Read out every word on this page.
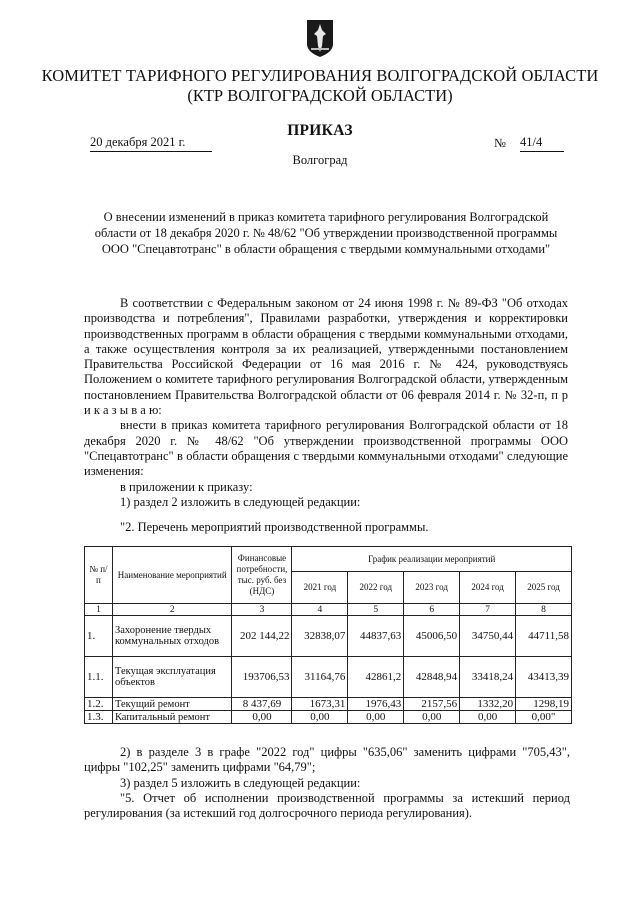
КОМИТЕТ ТАРИФНОГО РЕГУЛИРОВАНИЯ ВОЛГОГРАДСКОЙ ОБЛАСТИ
(КТР ВОЛГОГРАДСКОЙ ОБЛАСТИ)
ПРИКАЗ
20 декабря 2021 г.	№ 41/4
Волгоград
О внесении изменений в приказ комитета тарифного регулирования Волгоградской
области от 18 декабря 2020 г. № 48/62 "Об утверждении производственной программы
ООО "Спецавтотранс" в области обращения с твердыми коммунальными отходами"

В соответствии с Федеральным законом от 24 июня 1998 г. № 89-ФЗ "Об отходах производства и потребления", Правилами разработки, утверждения и корректировки производственных программ в области обращения с твердыми коммунальными отходами, а также осуществления контроля за их реализацией, утвержденными постановлением Правительства Российской Федерации от 16 мая 2016 г. № 424, руководствуясь Положением о комитете тарифного регулирования Волгоградской области, утвержденным постановлением Правительства Волгоградской области от 06 февраля 2014 г. № 32-п, п р и к а з ы в а ю:

внести в приказ комитета тарифного регулирования Волгоградской области от 18 декабря 2020 г. № 48/62 "Об утверждении производственной программы ООО "Спецавтотранс" в области обращения с твердыми коммунальными отходами" следующие изменения:

в приложении к приказу:

1) раздел 2 изложить в следующей редакции:

"2. Перечень мероприятий производственной программы.
№ п/п	Наименование мероприятий	Финансовые потребности, тыс. руб. без (НДС)	График реализации мероприятий				
			2021 год	2022 год	2023 год	2024 год	2025 год
1	2	3	4	5	6	7	8
1.	Захоронение твердых коммунальных отходов	202 144,22	32838,07	44837,63	45006,50	34750,44	44711,58
1.1.	Текущая эксплуатация объектов	193706,53	31164,76	42861,2	42848,94	33418,24	43413,39
1.2.	Текущий ремонт	8 437,69	1673,31	1976,43	2157,56	1332,20	1298,19
1.3.	Капитальный ремонт	0,00	0,00	0,00	0,00	0,00	0,00"

2) в разделе 3 в графе "2022 год" цифры "635,06" заменить цифрами "705,43", цифры "102,25" заменить цифрами "64,79";

3) раздел 5 изложить в следующей редакции:

"5. Отчет об исполнении производственной программы за истекший период регулирования (за истекший год долгосрочного периода регулирования).
